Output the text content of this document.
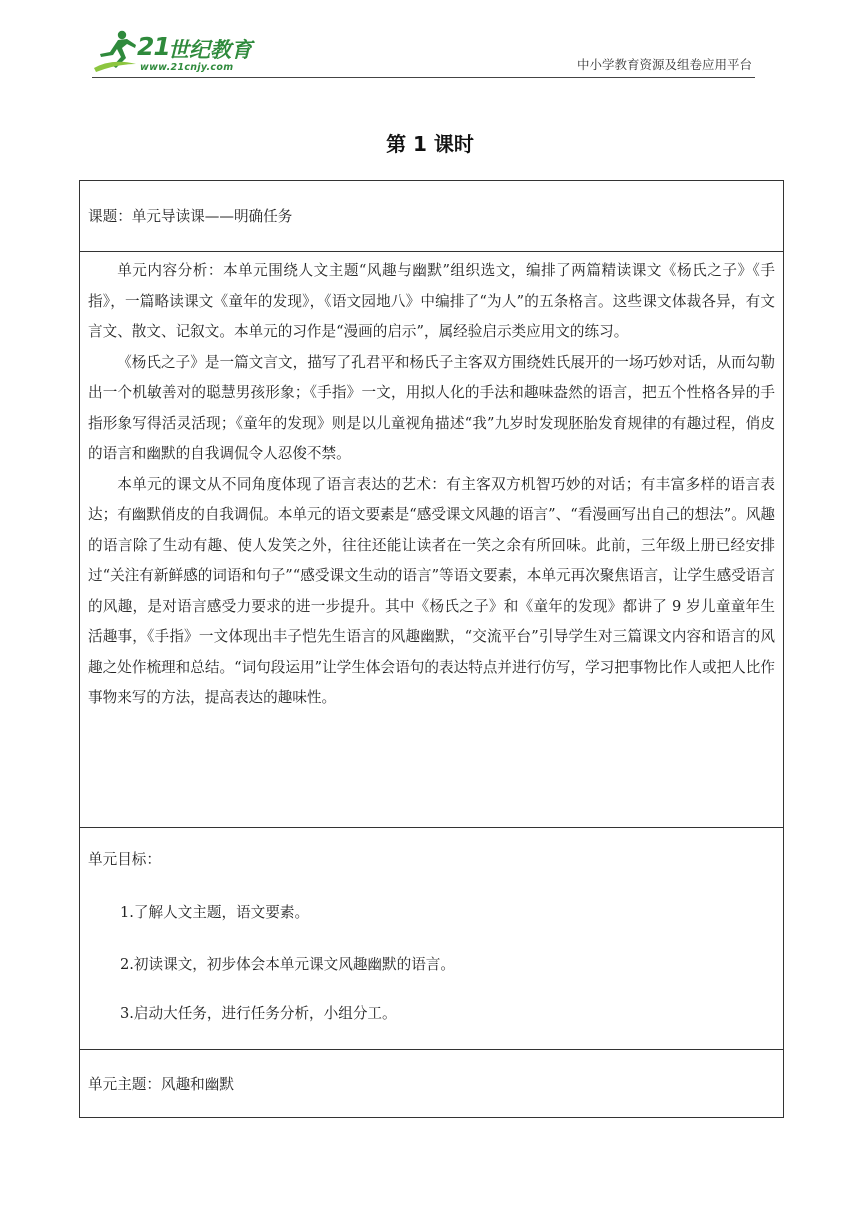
21
世纪教育
www.21cnjy.com	中小学教育资源及组卷应用平台
第 1 课时
课题：单元导读课——明确任务

单元内容分析：本单元围绕人文主题“风趣与幽默”组织选文，编排了两篇精读课文《杨氏之子》《手指》，一篇略读课文《童年的发现》，《语文园地八》中编排了“为人”的五条格言。这些课文体裁各异，有文言文、散文、记叙文。本单元的习作是“漫画的启示”，属经验启示类应用文的练习。

《杨氏之子》是一篇文言文，描写了孔君平和杨氏子主客双方围绕姓氏展开的一场巧妙对话，从而勾勒出一个机敏善对的聪慧男孩形象；《手指》一文，用拟人化的手法和趣味盎然的语言，把五个性格各异的手指形象写得活灵活现；《童年的发现》则是以儿童视角描述“我”九岁时发现胚胎发育规律的有趣过程，俏皮的语言和幽默的自我调侃令人忍俊不禁。

本单元的课文从不同角度体现了语言表达的艺术：有主客双方机智巧妙的对话；有丰富多样的语言表达；有幽默俏皮的自我调侃。本单元的语文要素是“感受课文风趣的语言”、“看漫画写出自己的想法”。风趣的语言除了生动有趣、使人发笑之外，往往还能让读者在一笑之余有所回味。此前，三年级上册已经安排过“关注有新鲜感的词语和句子”“感受课文生动的语言”等语文要素，本单元再次聚焦语言，让学生感受语言的风趣，是对语言感受力要求的进一步提升。其中《杨氏之子》和《童年的发现》都讲了 9 岁儿童童年生活趣事，《手指》一文体现出丰子恺先生语言的风趣幽默，“交流平台”引导学生对三篇课文内容和语言的风趣之处作梳理和总结。“词句段运用”让学生体会语句的表达特点并进行仿写，学习把事物比作人或把人比作事物来写的方法，提高表达的趣味性。

单元目标：
1.了解人文主题，语文要素。
2.初读课文，初步体会本单元课文风趣幽默的语言。
3.启动大任务，进行任务分析，小组分工。
单元主题：风趣和幽默
